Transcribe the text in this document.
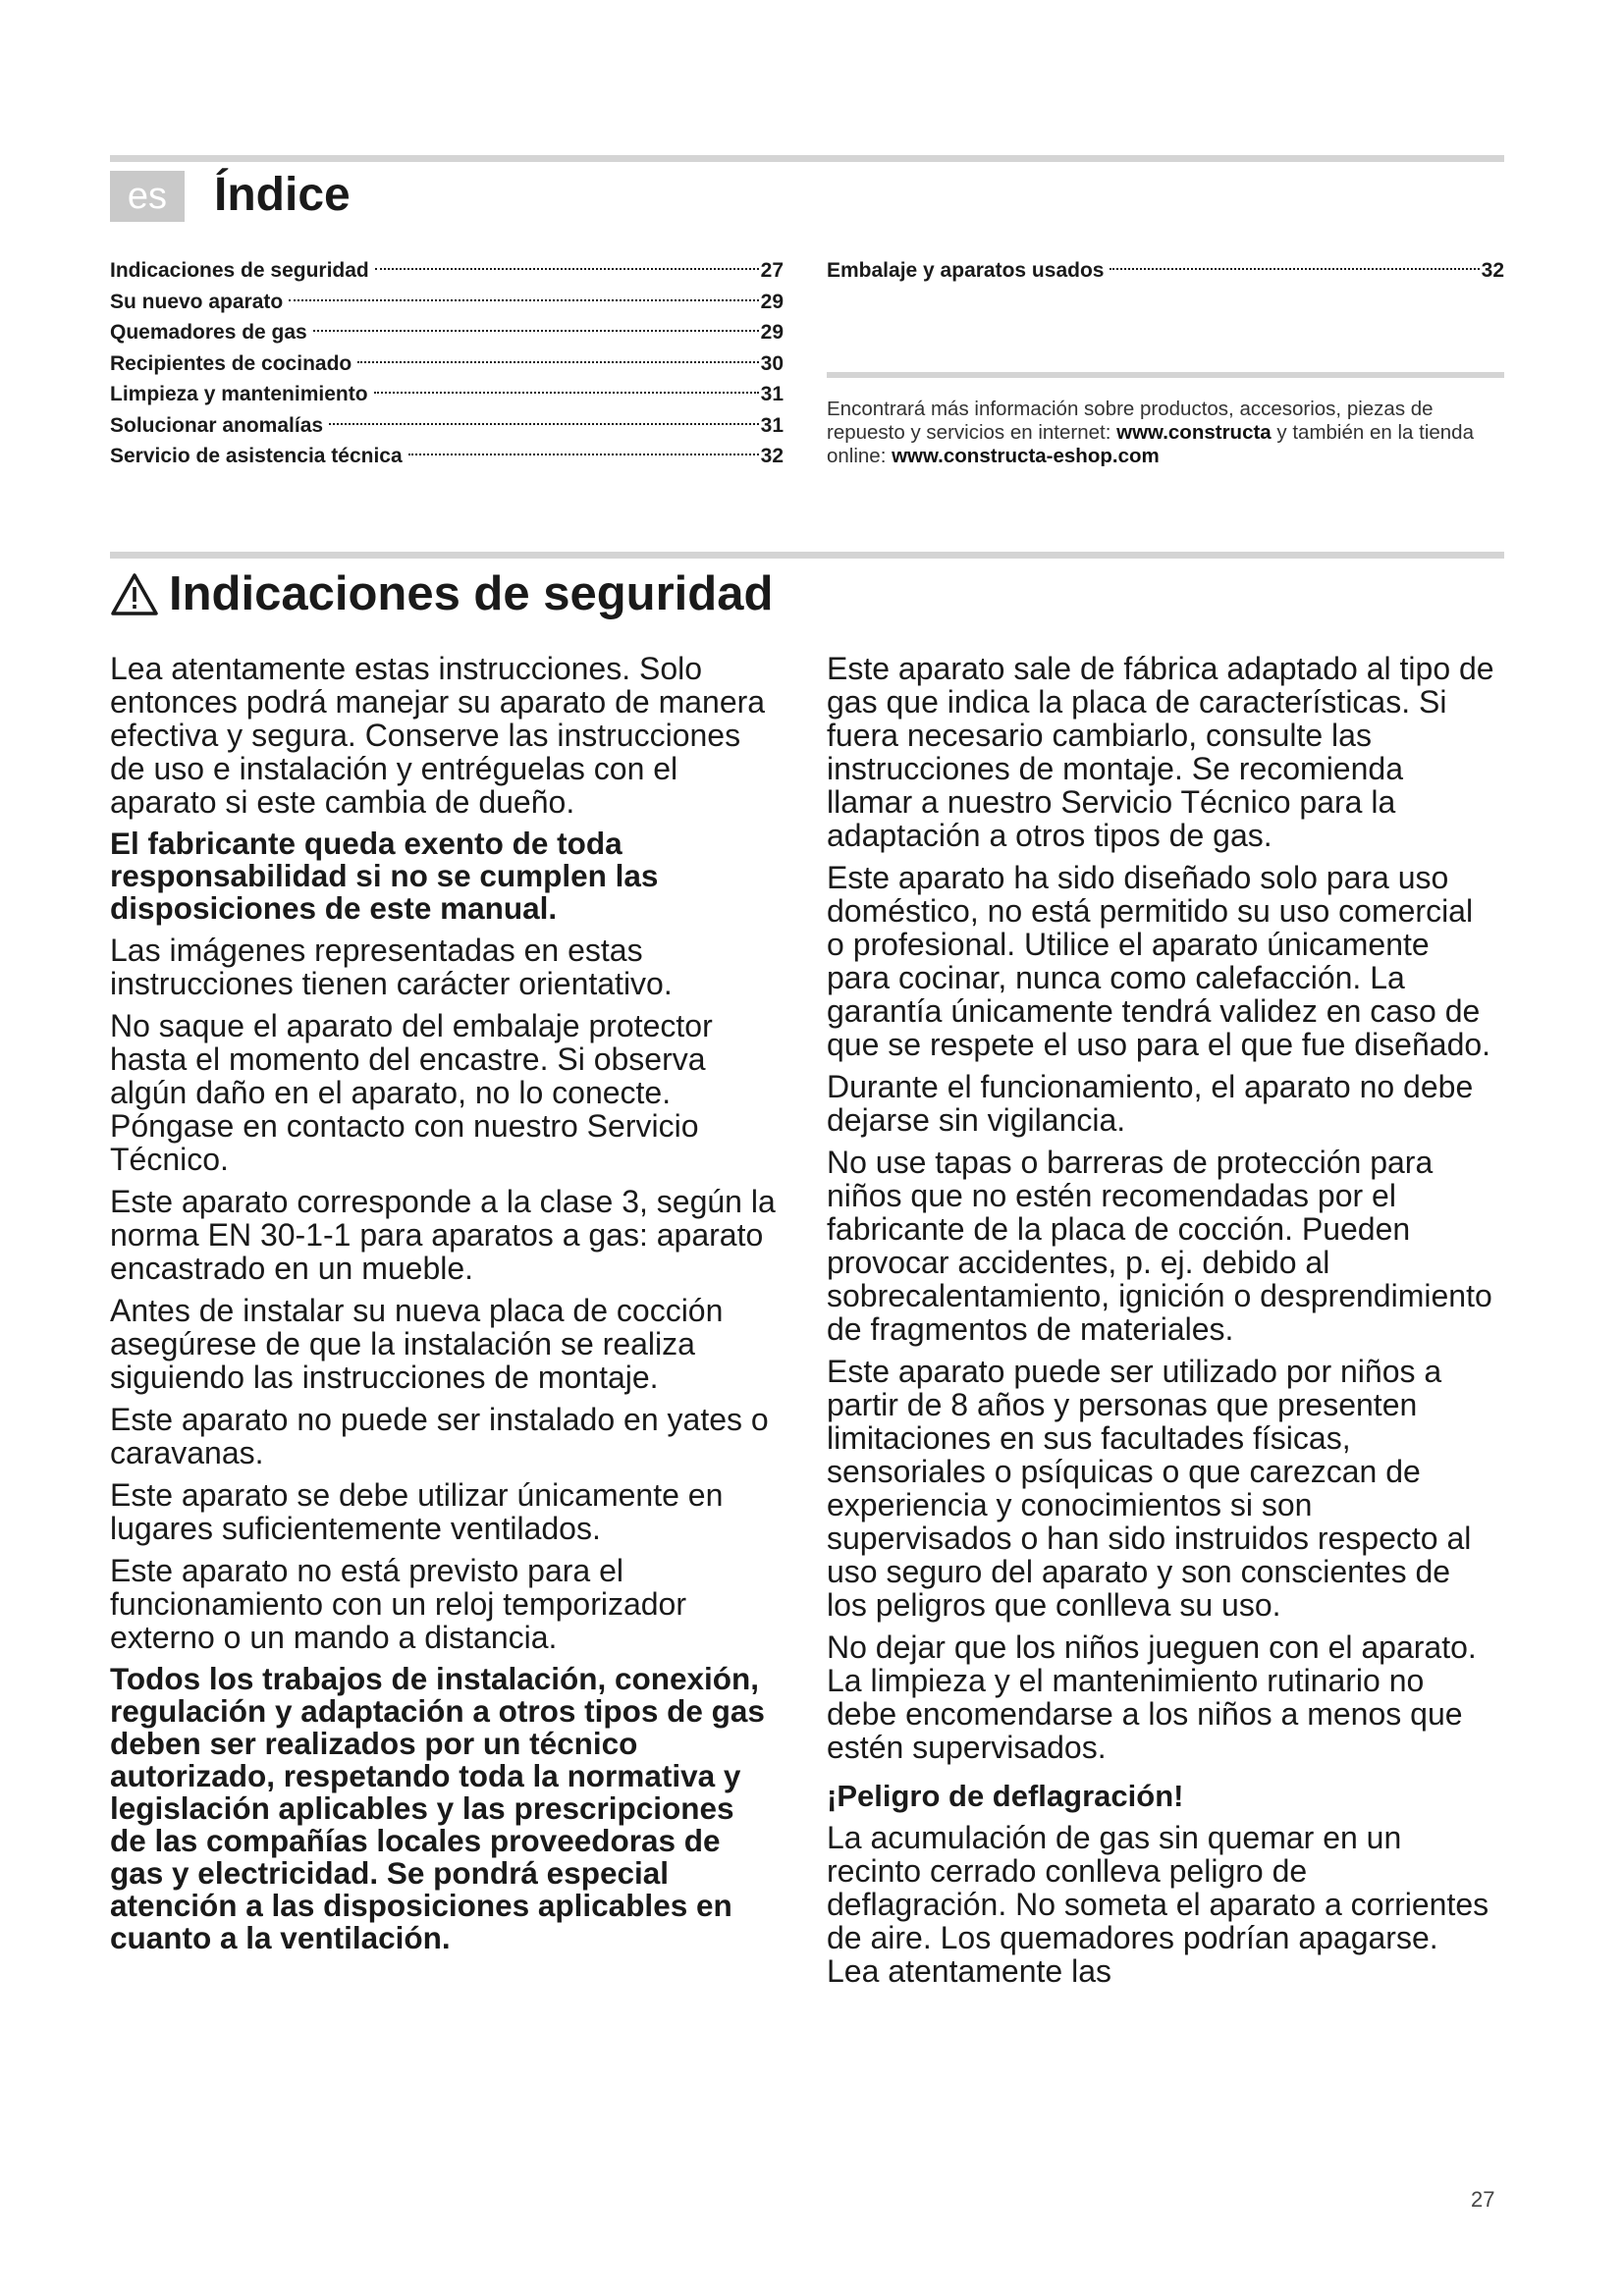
es Índice
Indicaciones de seguridad	27
Su nuevo aparato	29
Quemadores de gas	29
Recipientes de cocinado	30
Limpieza y mantenimiento	31
Solucionar anomalías	31
Servicio de asistencia técnica	32
Embalaje y aparatos usados	32

Encontrará más información sobre productos, accesorios, piezas de repuesto y servicios en internet: www.constructa y también en la tienda online: www.constructa-eshop.com

Indicaciones de seguridad

Lea atentamente estas instrucciones. Solo entonces podrá manejar su aparato de manera efectiva y segura. Conserve las instrucciones de uso e instalación y entréguelas con el aparato si este cambia de dueño.

El fabricante queda exento de toda responsabilidad si no se cumplen las disposiciones de este manual.

Las imágenes representadas en estas instrucciones tienen carácter orientativo.

No saque el aparato del embalaje protector hasta el momento del encastre. Si observa algún daño en el aparato, no lo conecte. Póngase en contacto con nuestro Servicio Técnico.

Este aparato corresponde a la clase 3, según la norma EN 30-1-1 para aparatos a gas: aparato encastrado en un mueble.

Antes de instalar su nueva placa de cocción asegúrese de que la instalación se realiza siguiendo las instrucciones de montaje.

Este aparato no puede ser instalado en yates o caravanas.

Este aparato se debe utilizar únicamente en lugares suficientemente ventilados.

Este aparato no está previsto para el funcionamiento con un reloj temporizador externo o un mando a distancia.

Todos los trabajos de instalación, conexión, regulación y adaptación a otros tipos de gas deben ser realizados por un técnico autorizado, respetando toda la normativa y legislación aplicables y las prescripciones de las compañías locales proveedoras de gas y electricidad. Se pondrá especial atención a las disposiciones aplicables en cuanto a la ventilación.

Este aparato sale de fábrica adaptado al tipo de gas que indica la placa de características. Si fuera necesario cambiarlo, consulte las instrucciones de montaje. Se recomienda llamar a nuestro Servicio Técnico para la adaptación a otros tipos de gas.

Este aparato ha sido diseñado solo para uso doméstico, no está permitido su uso comercial o profesional. Utilice el aparato únicamente para cocinar, nunca como calefacción. La garantía únicamente tendrá validez en caso de que se respete el uso para el que fue diseñado.

Durante el funcionamiento, el aparato no debe dejarse sin vigilancia.

No use tapas o barreras de protección para niños que no estén recomendadas por el fabricante de la placa de cocción. Pueden provocar accidentes, p. ej. debido al sobrecalentamiento, ignición o desprendimiento de fragmentos de materiales.

Este aparato puede ser utilizado por niños a partir de 8 años y personas que presenten limitaciones en sus facultades físicas, sensoriales o psíquicas o que carezcan de experiencia y conocimientos si son supervisados o han sido instruidos respecto al uso seguro del aparato y son conscientes de los peligros que conlleva su uso.

No dejar que los niños jueguen con el aparato. La limpieza y el mantenimiento rutinario no debe encomendarse a los niños a menos que estén supervisados.

¡Peligro de deflagración!

La acumulación de gas sin quemar en un recinto cerrado conlleva peligro de deflagración. No someta el aparato a corrientes de aire. Los quemadores podrían apagarse. Lea atentamente las

27
